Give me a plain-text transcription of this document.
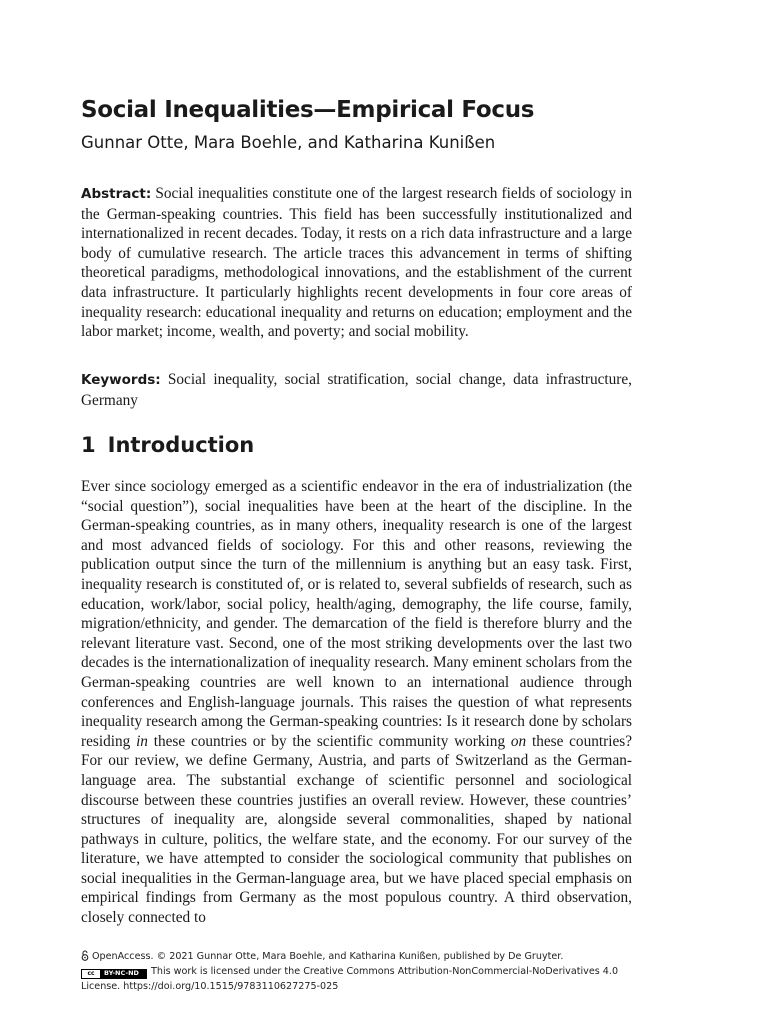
Social Inequalities—Empirical Focus

Gunnar Otte, Mara Boehle, and Katharina Kunißen

Abstract: Social inequalities constitute one of the largest research fields of sociology in the German-speaking countries. This field has been successfully institutionalized and internationalized in recent decades. Today, it rests on a rich data infrastructure and a large body of cumulative research. The article traces this advancement in terms of shifting theoretical paradigms, methodological innovations, and the establishment of the current data infrastructure. It particularly highlights recent developments in four core areas of inequality research: educational inequality and returns on education; employment and the labor market; income, wealth, and poverty; and social mobility.

Keywords: Social inequality, social stratification, social change, data infrastructure, Germany

1 Introduction

Ever since sociology emerged as a scientific endeavor in the era of industrialization (the “social question”), social inequalities have been at the heart of the discipline. In the German-speaking countries, as in many others, inequality research is one of the largest and most advanced fields of sociology. For this and other reasons, reviewing the publication output since the turn of the millennium is anything but an easy task. First, inequality research is constituted of, or is related to, several subfields of research, such as education, work/labor, social policy, health/aging, demography, the life course, family, migration/ethnicity, and gender. The demarcation of the field is therefore blurry and the relevant literature vast. Second, one of the most striking developments over the last two decades is the internationalization of inequality research. Many eminent scholars from the German-speaking countries are well known to an international audience through conferences and English-language journals. This raises the question of what represents inequality research among the German-speaking countries: Is it research done by scholars residing in these countries or by the scientific community working on these countries? For our review, we define Germany, Austria, and parts of Switzerland as the German-language area. The substantial exchange of scientific personnel and sociological discourse between these countries justifies an overall review. However, these countries’ structures of inequality are, alongside several commonalities, shaped by national pathways in culture, politics, the welfare state, and the economy. For our survey of the literature, we have attempted to consider the sociological community that publishes on social inequalities in the German-language area, but we have placed special emphasis on empirical findings from Germany as the most populous country. A third observation, closely connected to

OpenAccess. © 2021 Gunnar Otte, Mara Boehle, and Katharina Kunißen, published by De Gruyter.
cc	BY-NC-ND This work is licensed under the Creative Commons Attribution-NonCommercial-NoDerivatives 4.0
License. https://doi.org/10.1515/9783110627275-025
